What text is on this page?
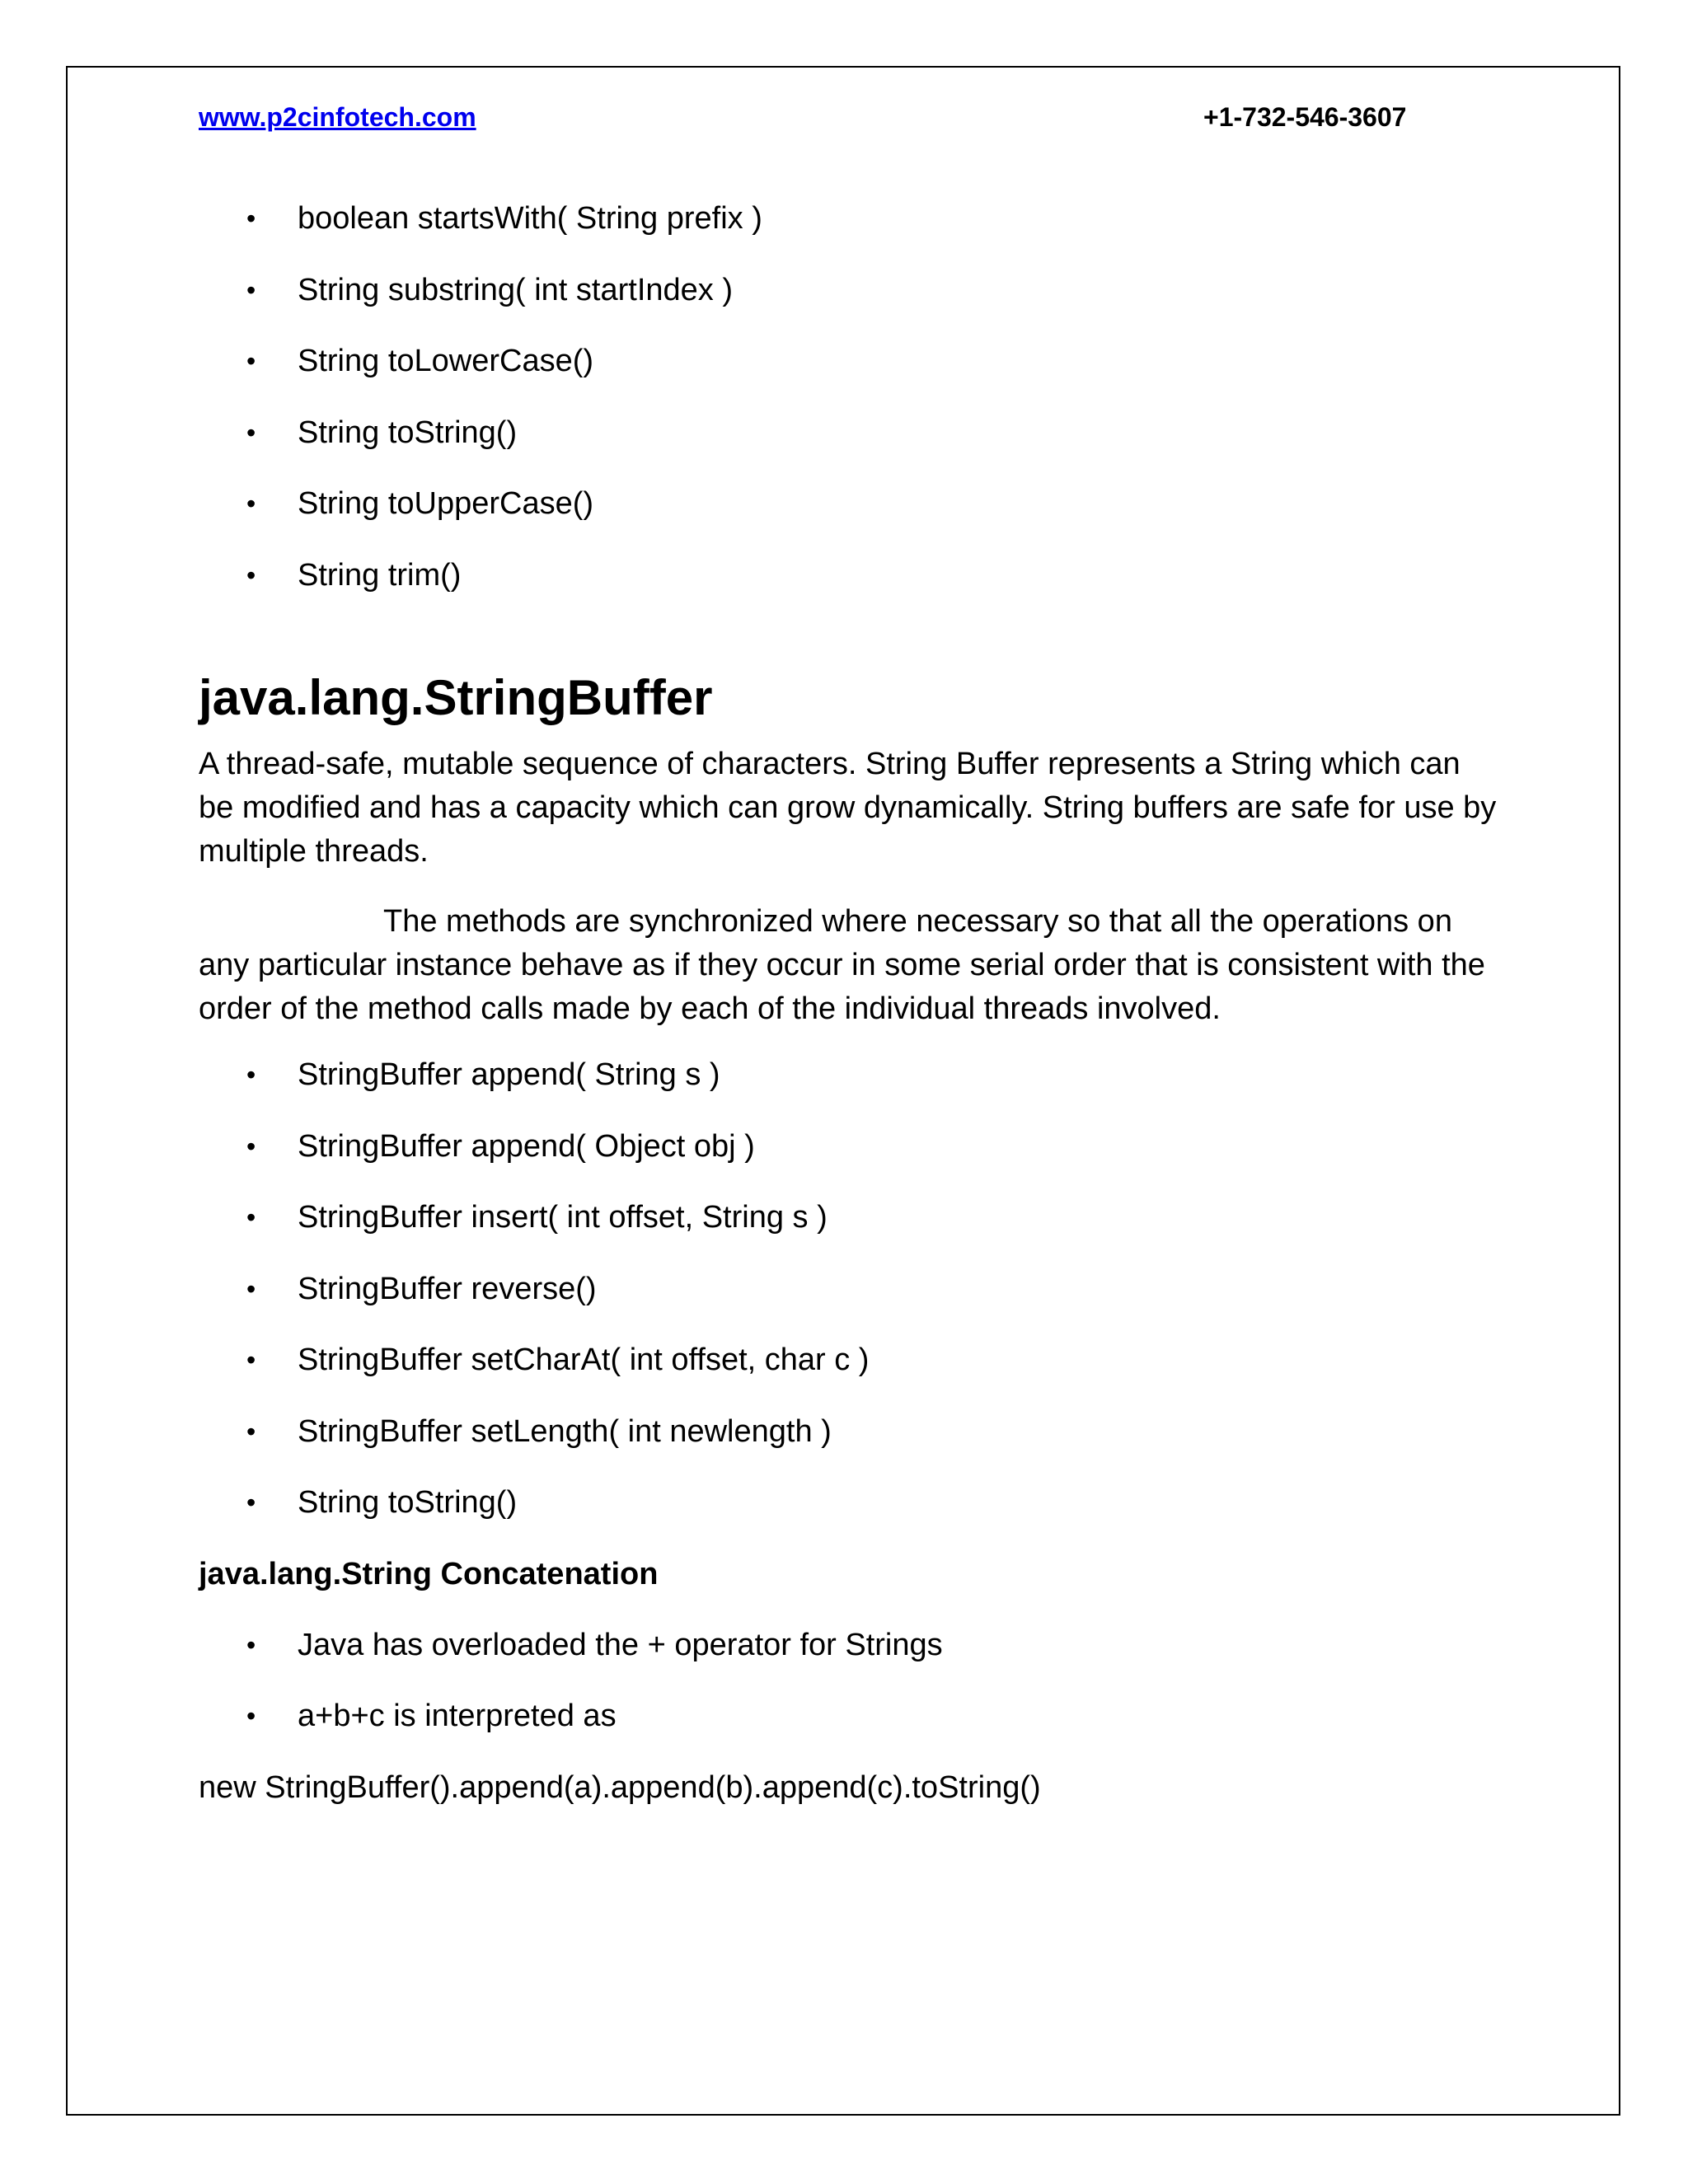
www.p2cinfotech.com	+1-732-546-3607
• boolean startsWith( String prefix )
• String substring( int startIndex )
• String toLowerCase()
• String toString()
• String toUpperCase()
• String trim()
java.lang.StringBuffer

A thread-safe, mutable sequence of characters. String Buffer represents a String which can be modified and has a capacity which can grow dynamically. String buffers are safe for use by multiple threads.

The methods are synchronized where necessary so that all the operations on any particular instance behave as if they occur in some serial order that is consistent with the order of the method calls made by each of the individual threads involved.

• StringBuffer append( String s )
• StringBuffer append( Object obj )
• StringBuffer insert( int offset, String s )
• StringBuffer reverse()
• StringBuffer setCharAt( int offset, char c )
• StringBuffer setLength( int newlength )
• String toString()
java.lang.String Concatenation
• Java has overloaded the + operator for Strings
• a+b+c is interpreted as
new StringBuffer().append(a).append(b).append(c).toString()
